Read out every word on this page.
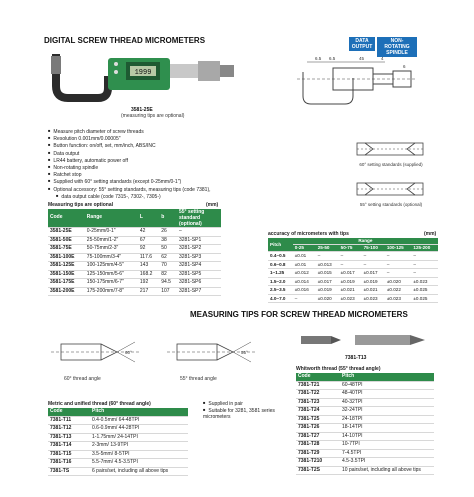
DIGITAL SCREW THREAD MICROMETERS	DATA OUTPUT
NON-ROTATING SPINDLE
1999
3581-25E
(measuring tips are optional)
6.5 6.5	45	4
6
■ Measure pitch diameter of screw threads
■ Resolution 0.001mm/0.00005"
■ Button function: on/off, set, mm/inch, ABS/INC
■ Data output
■ LR44 battery, automatic power off
■ Non-rotating spindle
■ Ratchet stop
■ Supplied with 60° setting standards (except 0-25mm/0-1")
■ Optional accessory: 55° setting standards, measuring tips (code 7381),
■ data output cable (code 7315-, 7302-, 7305-)
60° setting standards (supplied)
55° setting standards (optional)
Measuring tips are optional	(mm)
Code	Range	L	b	55° setting standard (optional)
3581-25E	0-25mm/0-1"	42	26	–
3581-50E	25-50mm/1-2"	67	38	3281-SP1
3581-75E	50-75mm/2-3"	92	50	3281-SP2
3581-100E	75-100mm/3-4"	117.6	62	3281-SP3
3581-125E	100-125mm/4-5"	143	70	3281-SP4
3581-150E	125-150mm/5-6"	168.2	82	3281-SP5
3581-175E	150-175mm/6-7"	192	94.5	3281-SP6
3581-200E	175-200mm/7-8"	217	107	3281-SP7
accuracy of micrometers with tips	(mm)
Pitch	Range					
	0-25	25-50	50-75	75-100	100-125	125-200
0.4~0.5	±0.01	–	–	–	–	–
0.6~0.8	±0.01	±0.013	–	–	–	–
1~1.25	±0.012	±0.015	±0.017	±0.017	–	–
1.5~2.0	±0.014	±0.017	±0.019	±0.019	±0.020	±0.023
2.5~3.5	±0.016	±0.019	±0.021	±0.021	±0.022	±0.025
4.0~7.0	–	±0.020	±0.023	±0.023	±0.023	±0.025
MEASURING TIPS FOR SCREW THREAD MICROMETERS
60°
60° thread angle
55°
55° thread angle
7381-T13
■ Supplied in pair
■ Suitable for 3281, 3581 series micrometers
Metric and unified thread (60° thread angle)
Code	Pitch
7381-T11	0.4-0.5mm/ 64-48TPI
7381-T12	0.6-0.9mm/ 44-28TPI
7381-T13	1-1.75mm/ 24-14TPI
7381-T14	2-3mm/ 13-9TPI
7381-T15	3.5-5mm/ 8-5TPI
7381-T16	5.5-7mm/ 4.5-3.5TPI
7381-TS	6 pairs/set, including all above tips
Whitworth thread (55° thread angle)
Code	Pitch
7381-T21	60-48TPI
7381-T22	48-40TPI
7381-T23	40-32TPI
7381-T24	32-24TPI
7381-T25	24-18TPI
7381-T26	18-14TPI
7381-T27	14-10TPI
7381-T28	10-7TPI
7381-T29	7-4.5TPI
7381-T210	4.5-3.5TPI
7381-T2S	10 pairs/set, including all above tips
